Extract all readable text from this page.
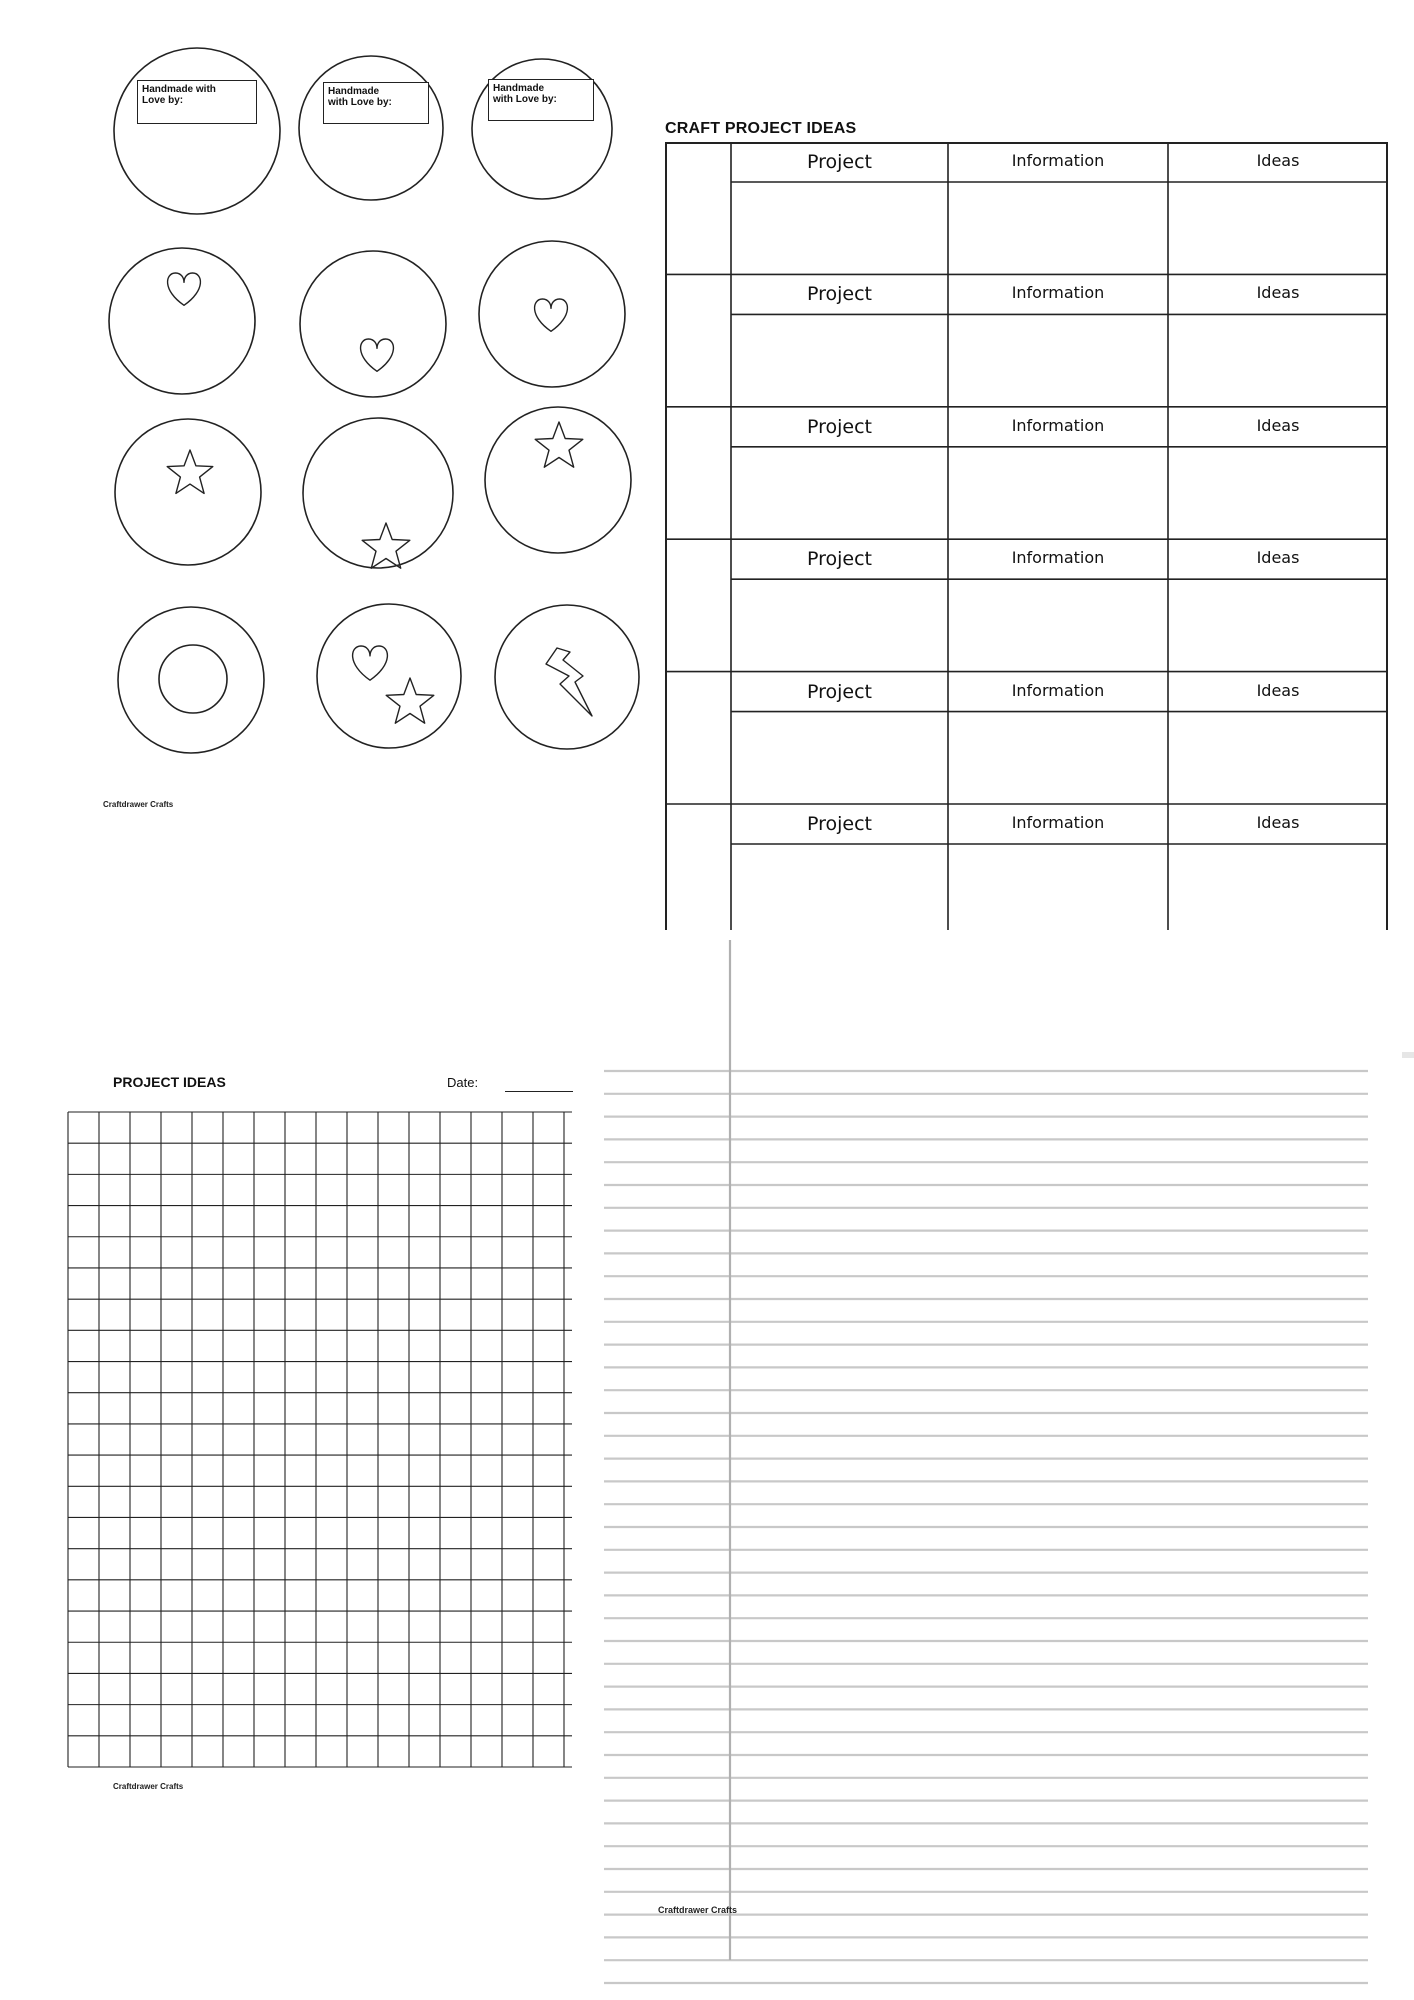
Handmade with
Love by:
Handmade
with Love by:
Handmade
with Love by:
Craftdrawer Crafts
CRAFT PROJECT IDEAS
Project	Information	Ideas
Project	Information	Ideas
Project	Information	Ideas
Project	Information	Ideas
Project	Information	Ideas
Project	Information	Ideas
PROJECT IDEAS	Date:
Craftdrawer Crafts
Craftdrawer Crafts
